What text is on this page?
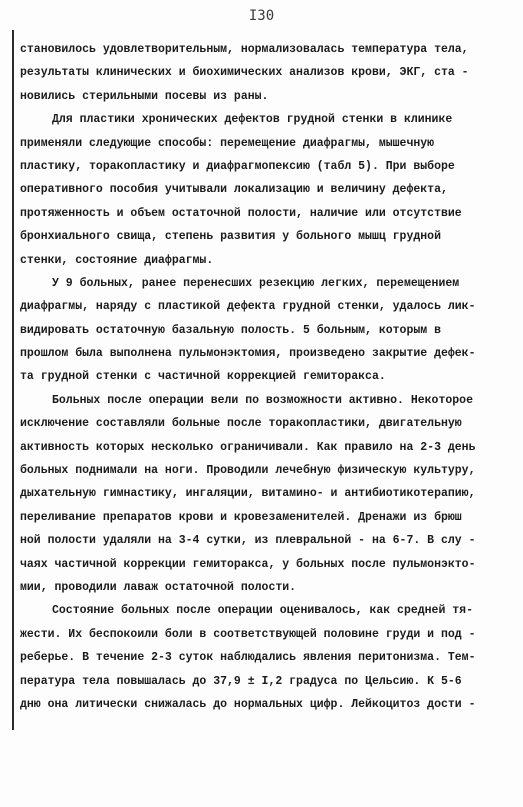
I30
становилось удовлетворительным, нормализовалась температура тела,
результаты клинических и биохимических анализов крови, ЭКГ, ста -
новились стерильными посевы из раны.
Для пластики хронических дефектов грудной стенки в клинике
применяли следующие способы: перемещение диафрагмы, мышечную
пластику, торакопластику и диафрагмопексию (табл 5). При выборе
оперативного пособия учитывали локализацию и величину дефекта,
протяженность и объем остаточной полости, наличие или отсутствие
бронхиального свища, степень развития у больного мышц грудной
стенки, состояние диафрагмы.
У 9 больных, ранее перенесших резекцию легких, перемещением
диафрагмы, наряду с пластикой дефекта грудной стенки, удалось лик-
видировать остаточную базальную полость. 5 больным, которым в
прошлом была выполнена пульмонэктомия, произведено закрытие дефек-
та грудной стенки с частичной коррекцией гемиторакса.
Больных после операции вели по возможности активно. Некоторое
исключение составляли больные после торакопластики, двигательную
активность которых несколько ограничивали. Как правило на 2-3 день
больных поднимали на ноги. Проводили лечебную физическую культуру,
дыхательную гимнастику, ингаляции, витамино- и антибиотикотерапию,
переливание препаратов крови и кровезаменителей. Дренажи из брюш
ной полости удаляли на 3-4 сутки, из плевральной - на 6-7. В слу -
чаях частичной коррекции гемиторакса, у больных после пульмонэкто-
мии, проводили лаваж остаточной полости.
Состояние больных после операции оценивалось, как средней тя-
жести. Их беспокоили боли в соответствующей половине груди и под -
реберье. В течение 2-3 суток наблюдались явления перитонизма. Тем-
пература тела повышалась до 37,9 ± I,2 градуса по Цельсию. К 5-6
дню она литически снижалась до нормальных цифр. Лейкоцитоз дости -
